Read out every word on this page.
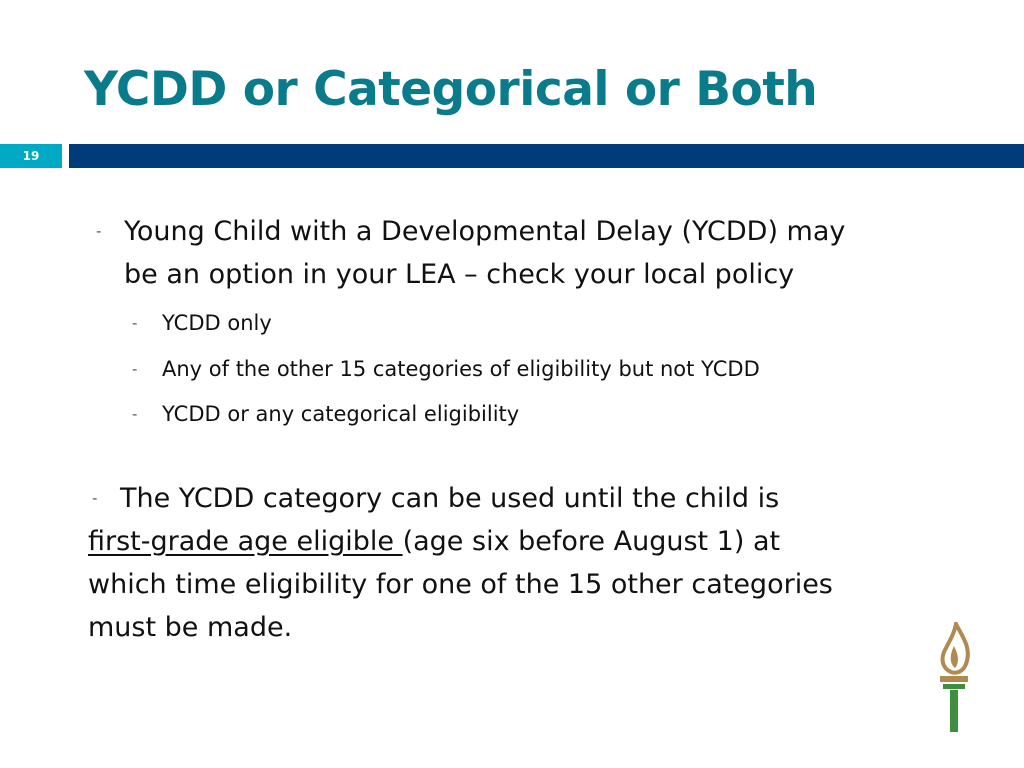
YCDD or Categorical or Both
19
- Young Child with a Developmental Delay (YCDD) may
be an option in your LEA – check your local policy
- YCDD only
- Any of the other 15 categories of eligibility but not YCDD
- YCDD or any categorical eligibility
- The YCDD category can be used until the child is
first-grade age eligible (age six before August 1) at
which time eligibility for one of the 15 other categories
must be made.
